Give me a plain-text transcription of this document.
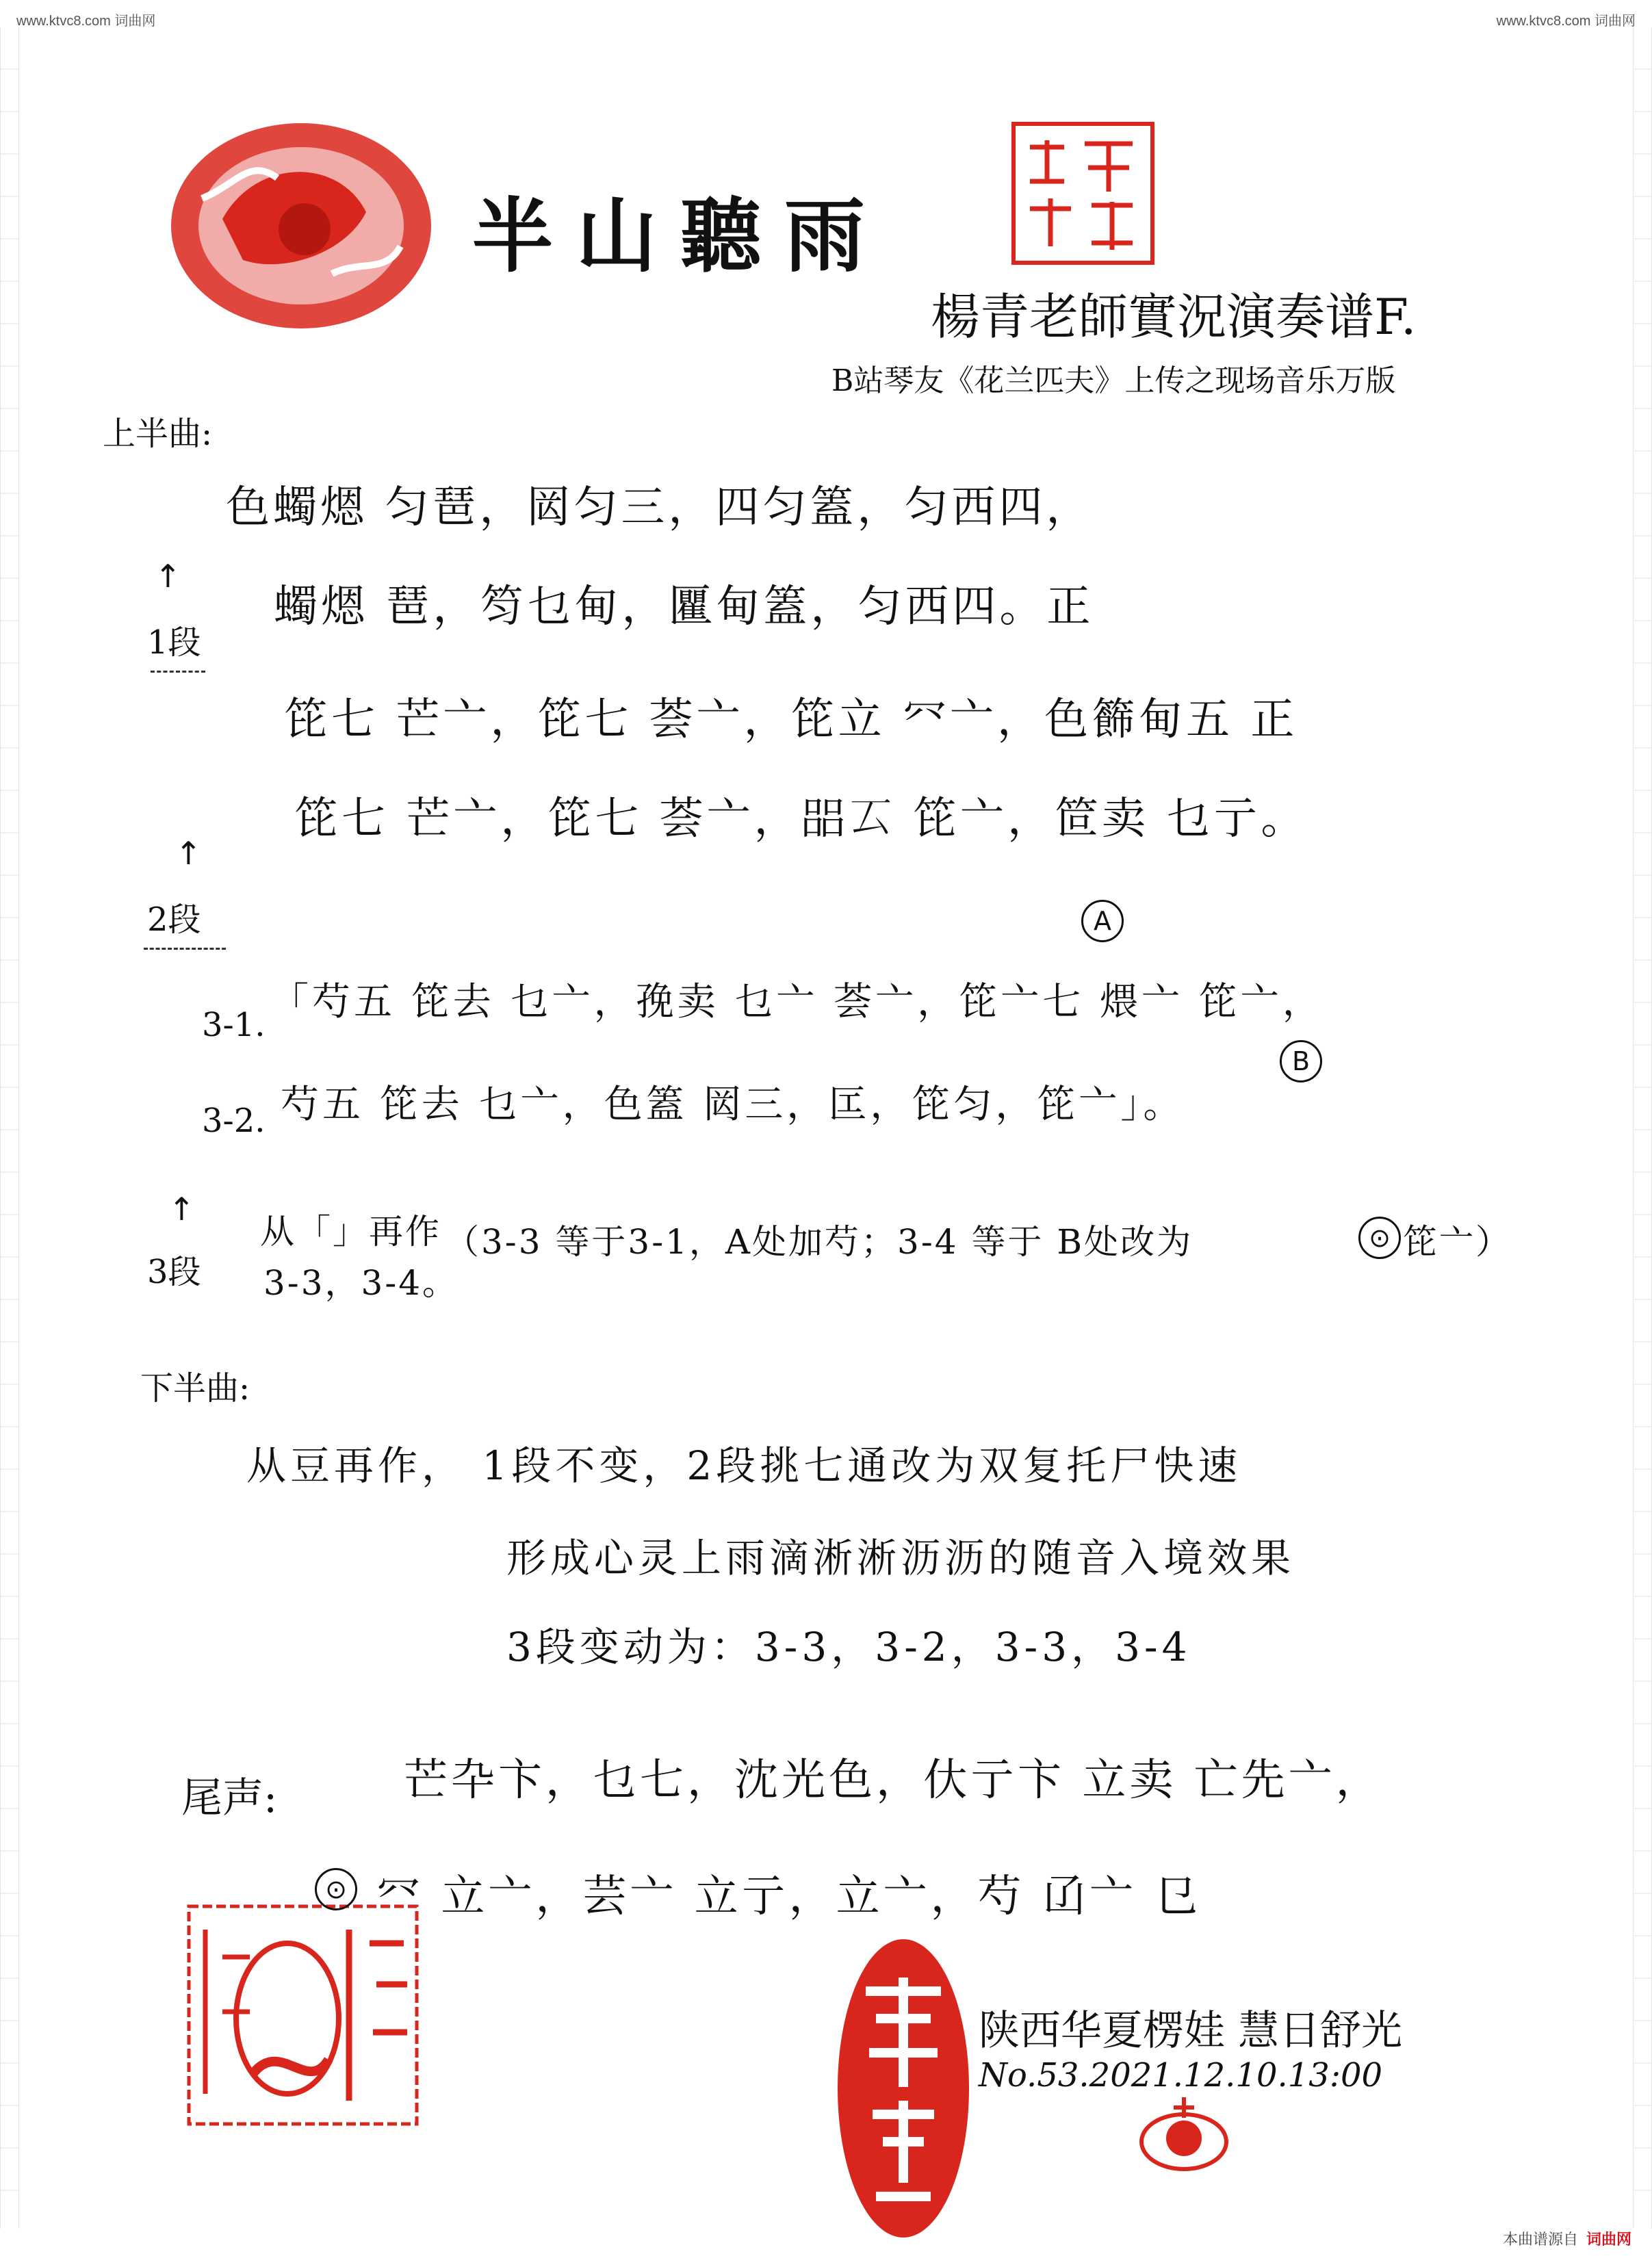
www.ktvc8.com 词曲网	www.ktvc8.com 词曲网
半山聽雨
楊青老師實況演奏谱F.
B站琴友《花兰匹夫》上传之现场音乐万版
上半曲:
色蠋煾 匀琶，㒺匀三，四匀篕，匀西四，
蠋煾 琶，笉乜甸，匷甸篕，匀西四。正
↑
1段
笓七 芒亠，笓七 荟亠，笓立 㓁亠，色籂甸五 正
笓七 芒亠，笓七 荟亠，㗊𠫔 笓亠，笸卖 乜亍。
↑
2段
3-1.
「芍五 笓去 乜亠，㝃卖 乜亠 荟亠，笓亠七 煨亠 笓亠，
A
3-2. 芍五 笓去 乜亠，色篕 㒺三，匞，笓匀，笓亠」。
B
↑
3段
从「」再作
3-3，3-4。
（3-3 等于3-1，A处加芍；3-4 等于 B处改为	⊙ 笓亠）
下半曲:
从豆再作， 1段不变，2段挑七通改为双复托尸快速
形成心灵上雨滴淅淅沥沥的随音入境效果
3段变动为：3-3，3-2，3-3，3-4
尾声:	芒卆卞，乜七，沈光色，㐲亍卞 立卖 亡先亠，
⊙ 㓁 立亠，芸亠 立亍，立亠，芍 𠙶亠 㔾
陕西华夏楞娃 慧日舒光
No.53.2021.12.10.13:00
本曲谱源自 词曲网
